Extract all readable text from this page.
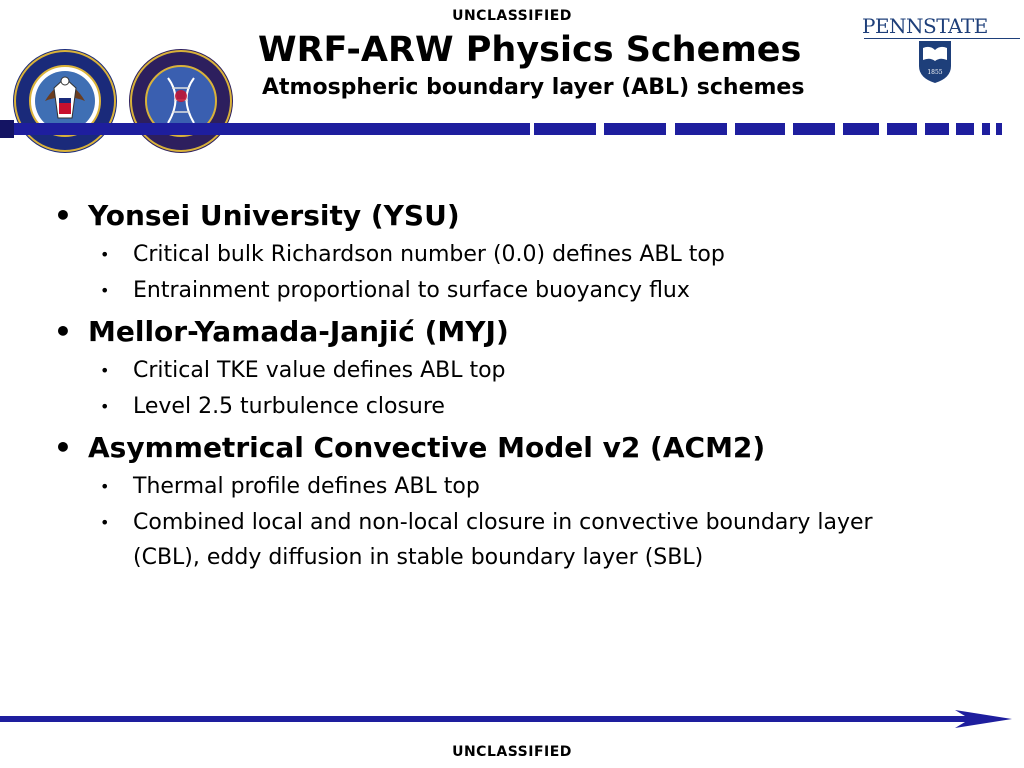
UNCLASSIFIED
WRF-ARW Physics Schemes
Atmospheric boundary layer (ABL) schemes
PENNSTATE
1855
• Yonsei University (YSU)
• Critical bulk Richardson number (0.0) defines ABL top
• Entrainment proportional to surface buoyancy flux
• Mellor-Yamada-Janjić (MYJ)
• Critical TKE value defines ABL top
• Level 2.5 turbulence closure
• Asymmetrical Convective Model v2 (ACM2)
• Thermal profile defines ABL top
• Combined local and non-local closure in convective boundary layer (CBL), eddy diffusion in stable boundary layer (SBL)
UNCLASSIFIED
